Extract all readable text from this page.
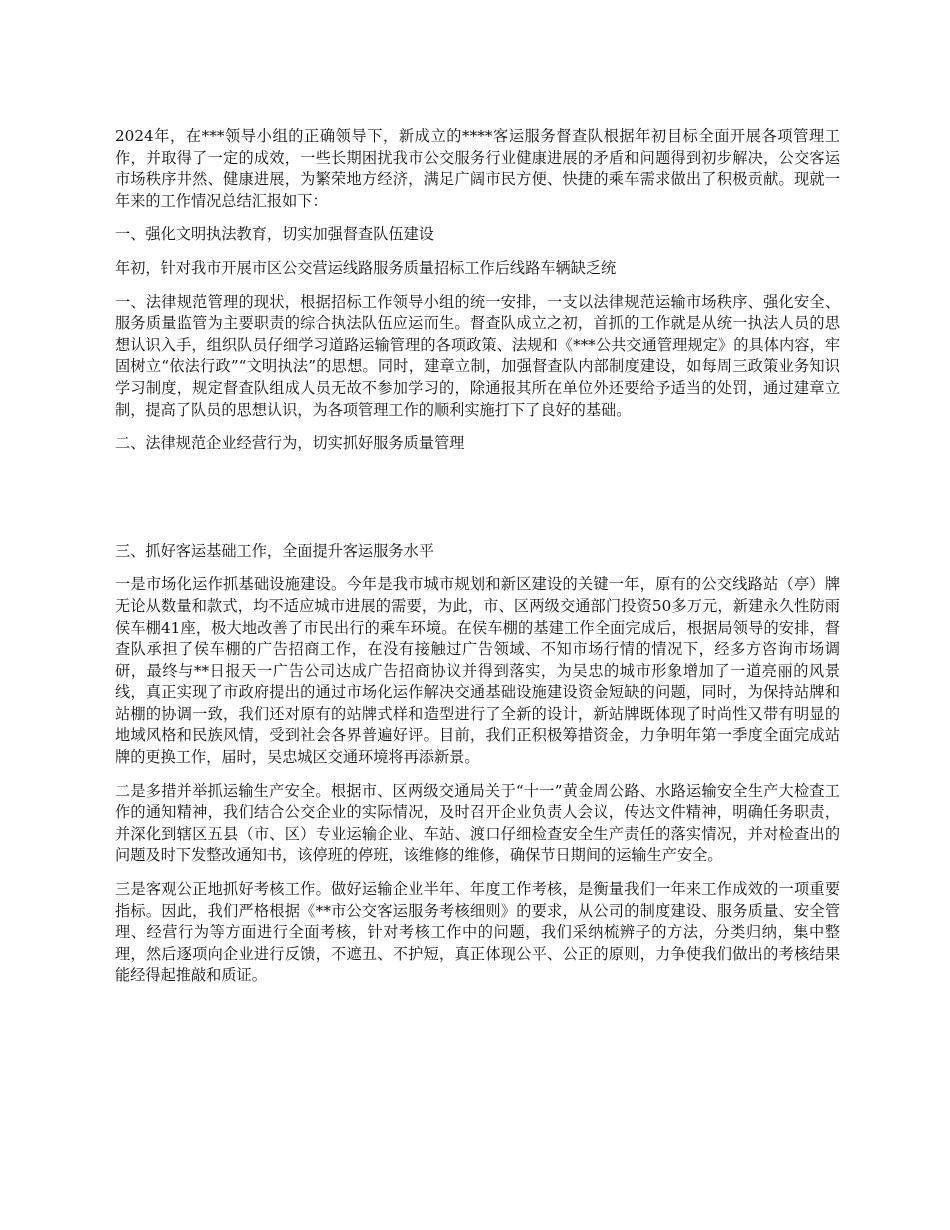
2024年，在***领导小组的正确领导下，新成立的****客运服务督查队根据年初目标全面开展各项管理工作，并取得了一定的成效，一些长期困扰我市公交服务行业健康进展的矛盾和问题得到初步解决，公交客运市场秩序井然、健康进展，为繁荣地方经济，满足广阔市民方便、快捷的乘车需求做出了积极贡献。现就一年来的工作情况总结汇报如下：

一、强化文明执法教育，切实加强督查队伍建设

年初，针对我市开展市区公交营运线路服务质量招标工作后线路车辆缺乏统

一、法律规范管理的现状，根据招标工作领导小组的统一安排，一支以法律规范运输市场秩序、强化安全、服务质量监管为主要职责的综合执法队伍应运而生。督查队成立之初，首抓的工作就是从统一执法人员的思想认识入手，组织队员仔细学习道路运输管理的各项政策、法规和《***公共交通管理规定》的具体内容，牢固树立“依法行政”“文明执法”的思想。同时，建章立制，加强督查队内部制度建设，如每周三政策业务知识学习制度，规定督查队组成人员无故不参加学习的，除通报其所在单位外还要给予适当的处罚，通过建章立制，提高了队员的思想认识，为各项管理工作的顺利实施打下了良好的基础。

二、法律规范企业经营行为，切实抓好服务质量管理

三、抓好客运基础工作，全面提升客运服务水平

一是市场化运作抓基础设施建设。今年是我市城市规划和新区建设的关键一年，原有的公交线路站（亭）牌无论从数量和款式，均不适应城市进展的需要，为此，市、区两级交通部门投资50多万元，新建永久性防雨侯车棚41座，极大地改善了市民出行的乘车环境。在侯车棚的基建工作全面完成后，根据局领导的安排，督查队承担了侯车棚的广告招商工作，在没有接触过广告领域、不知市场行情的情况下，经多方咨询市场调研，最终与**日报天一广告公司达成广告招商协议并得到落实，为吴忠的城市形象增加了一道亮丽的风景线，真正实现了市政府提出的通过市场化运作解决交通基础设施建设资金短缺的问题，同时，为保持站牌和站棚的协调一致，我们还对原有的站牌式样和造型进行了全新的设计，新站牌既体现了时尚性又带有明显的地域风格和民族风情，受到社会各界普遍好评。目前，我们正积极筹措资金，力争明年第一季度全面完成站牌的更换工作，届时，吴忠城区交通环境将再添新景。

二是多措并举抓运输生产安全。根据市、区两级交通局关于“十一”黄金周公路、水路运输安全生产大检查工作的通知精神，我们结合公交企业的实际情况，及时召开企业负责人会议，传达文件精神，明确任务职责，并深化到辖区五县（市、区）专业运输企业、车站、渡口仔细检查安全生产责任的落实情况，并对检查出的问题及时下发整改通知书，该停班的停班，该维修的维修，确保节日期间的运输生产安全。

三是客观公正地抓好考核工作。做好运输企业半年、年度工作考核，是衡量我们一年来工作成效的一项重要指标。因此，我们严格根据《**市公交客运服务考核细则》的要求，从公司的制度建设、服务质量、安全管理、经营行为等方面进行全面考核，针对考核工作中的问题，我们采纳梳辨子的方法，分类归纳，集中整理，然后逐项向企业进行反馈，不遮丑、不护短，真正体现公平、公正的原则，力争使我们做出的考核结果能经得起推敲和质证。
